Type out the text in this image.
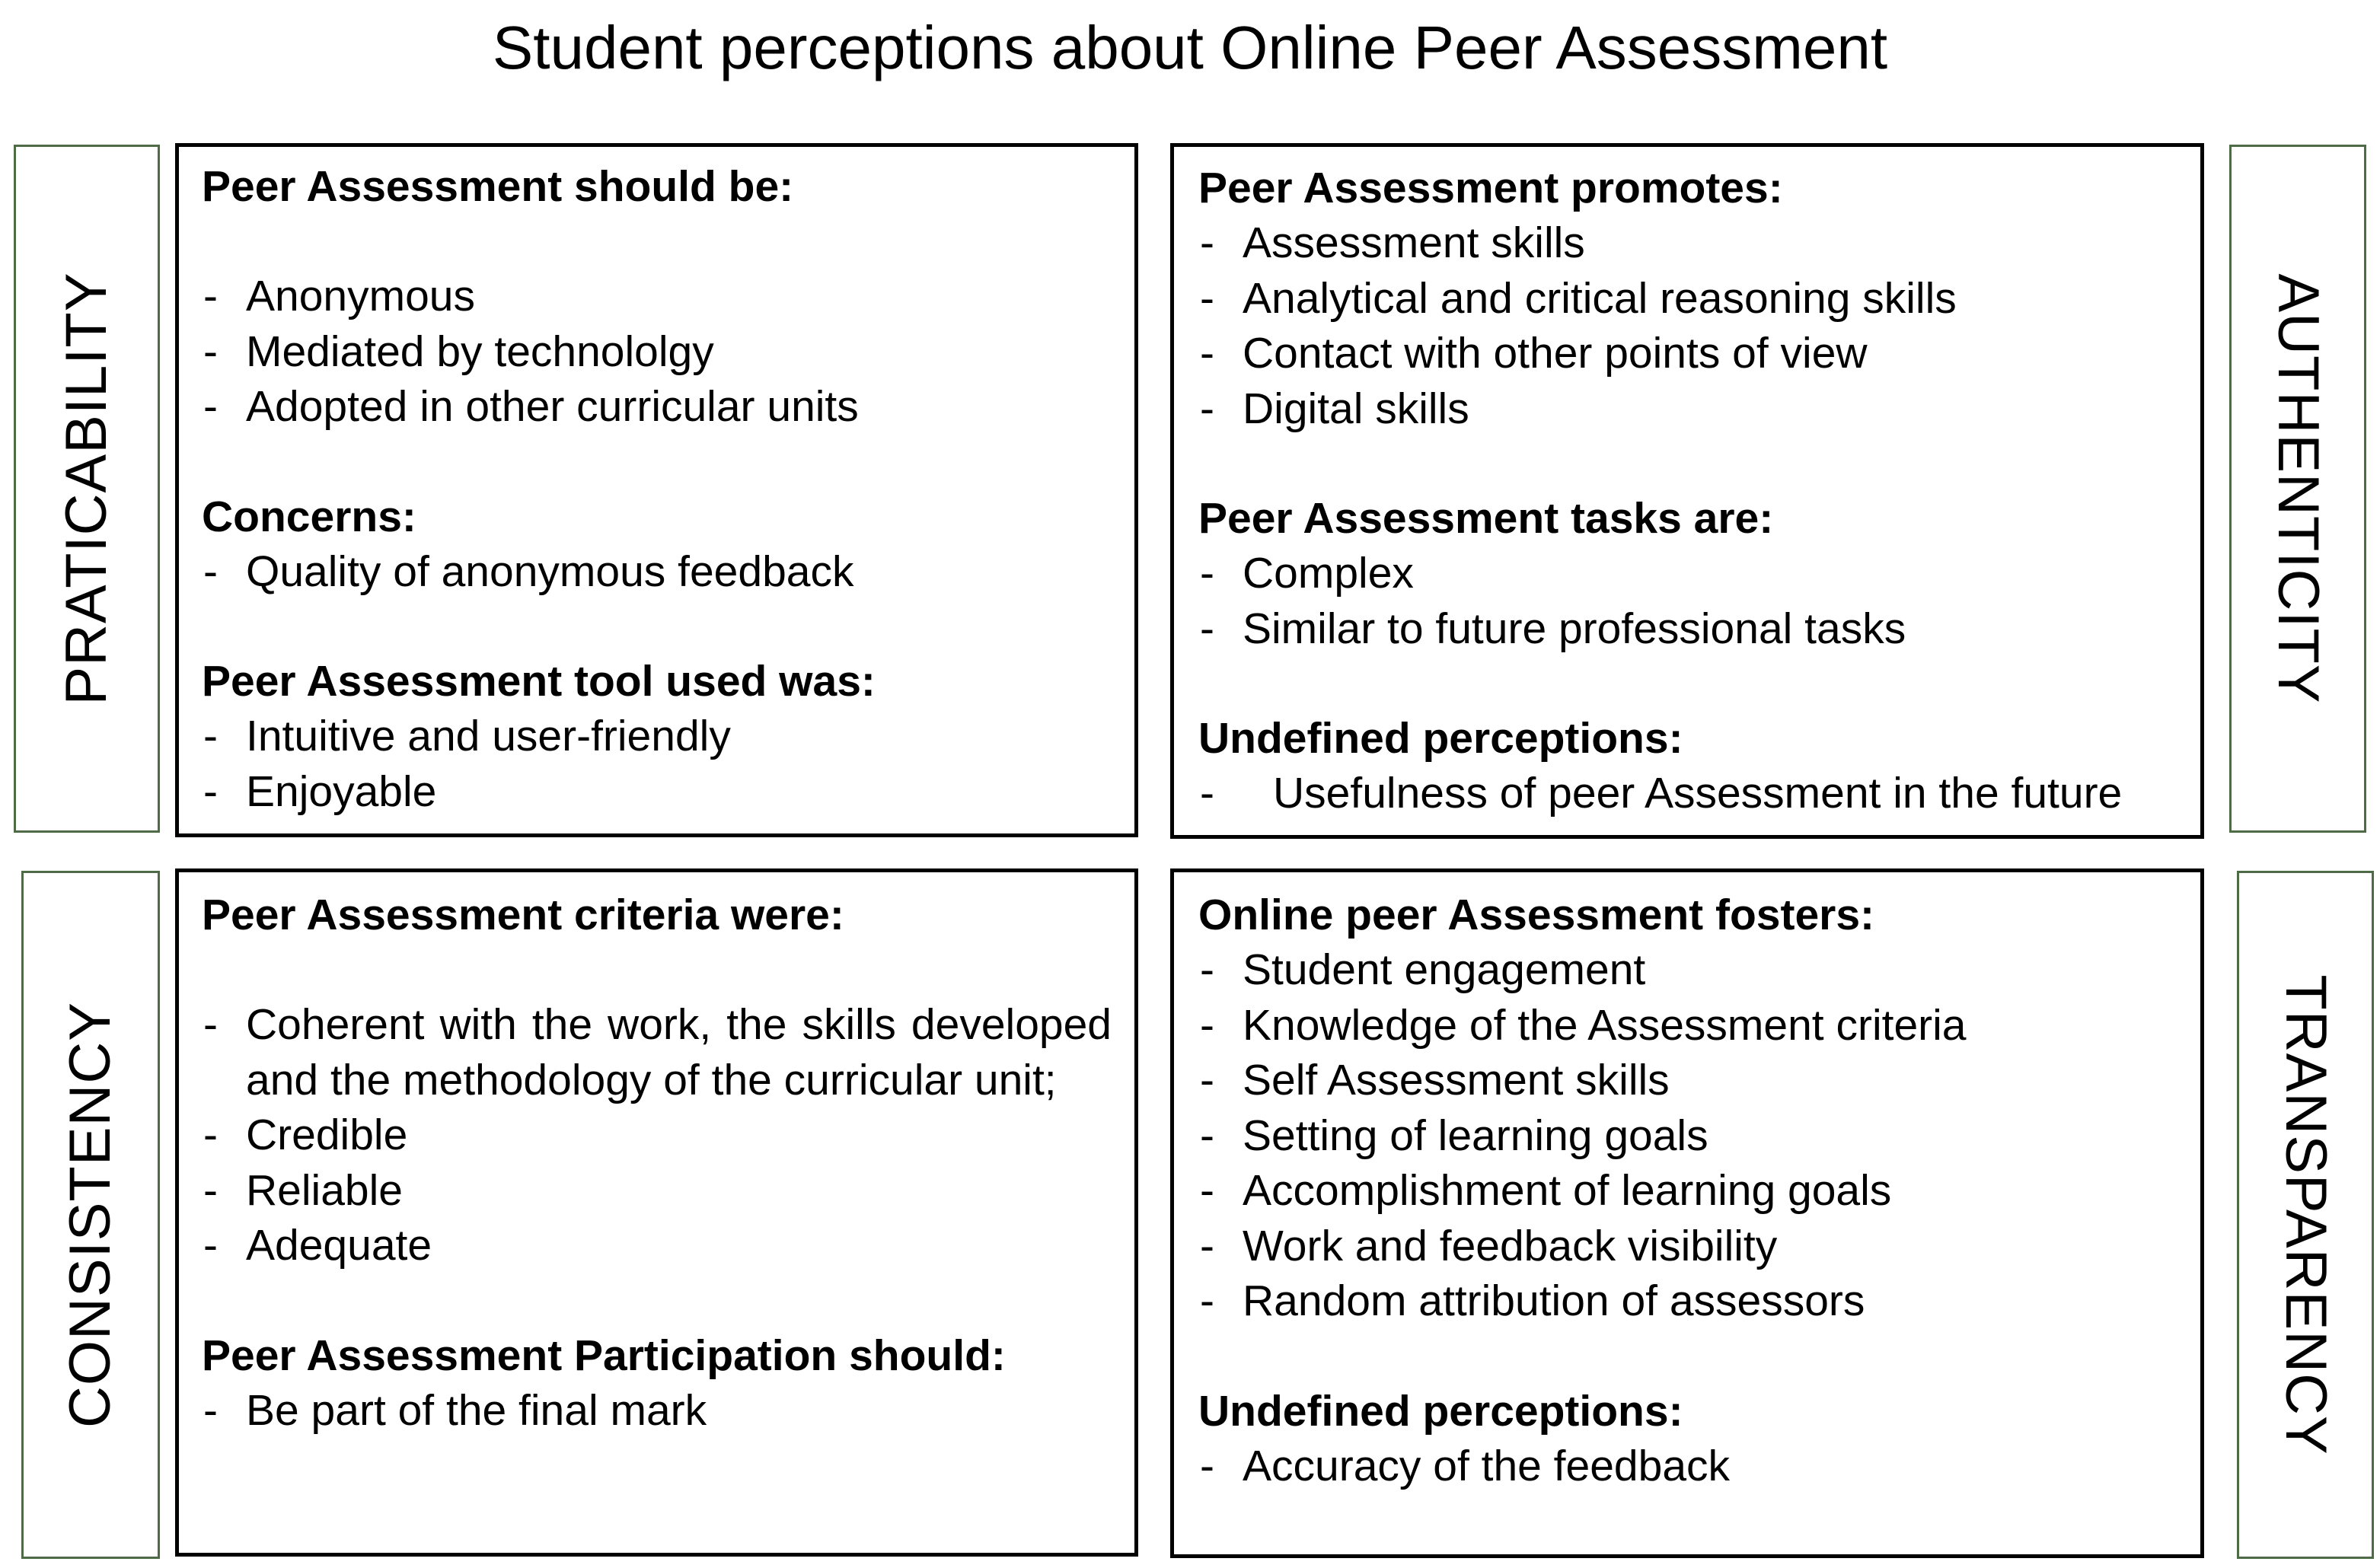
Student perceptions about Online Peer Assessment
PRATICABILITY	AUTHENTICITY
CONSISTENCY	TRANSPARENCY
Peer Assessment should be:
- Anonymous
- Mediated by technololgy
- Adopted in other curricular units
Concerns:
- Quality of anonymous feedback
Peer Assessment tool used was:
- Intuitive and user-friendly
- Enjoyable
Peer Assessment promotes:
- Assessment skills
- Analytical and critical reasoning skills
- Contact with other points of view
- Digital skills
Peer Assessment tasks are:
- Complex
- Similar to future professional tasks
Undefined perceptions:
- Usefulness of peer Assessment in the future
Peer Assessment criteria were:
- Coherent with the work, the skills developed and the methodology of the curricular unit;
- Credible
- Reliable
- Adequate
Peer Assessment Participation should:
- Be part of the final mark
Online peer Assessment fosters:
- Student engagement
- Knowledge of the Assessment criteria
- Self Assessment skills
- Setting of learning goals
- Accomplishment of learning goals
- Work and feedback visibility
- Random attribution of assessors
Undefined perceptions:
- Accuracy of the feedback
